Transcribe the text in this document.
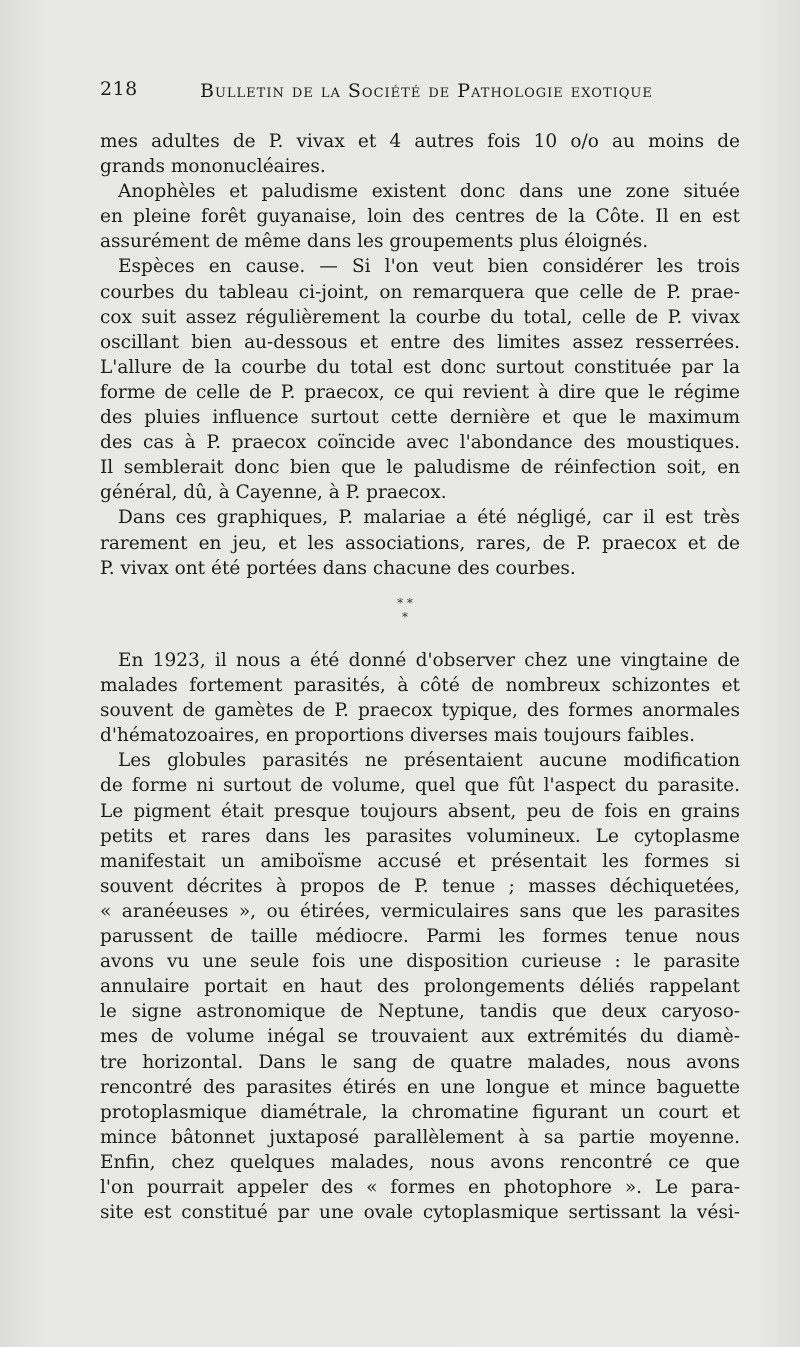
218	Bulletin de la Société de Pathologie exotique
mes adultes de P. vivax et 4 autres fois 10 o/o au moins de
grands mononucléaires.
Anophèles et paludisme existent donc dans une zone située
en pleine forêt guyanaise, loin des centres de la Côte. Il en est
assurément de même dans les groupements plus éloignés.
Espèces en cause. — Si l'on veut bien considérer les trois
courbes du tableau ci-joint, on remarquera que celle de P. prae-
cox suit assez régulièrement la courbe du total, celle de P. vivax
oscillant bien au-dessous et entre des limites assez resserrées.
L'allure de la courbe du total est donc surtout constituée par la
forme de celle de P. praecox, ce qui revient à dire que le régime
des pluies influence surtout cette dernière et que le maximum
des cas à P. praecox coïncide avec l'abondance des moustiques.
Il semblerait donc bien que le paludisme de réinfection soit, en
général, dû, à Cayenne, à P. praecox.
Dans ces graphiques, P. malariae a été négligé, car il est très
rarement en jeu, et les associations, rares, de P. praecox et de
P. vivax ont été portées dans chacune des courbes.
* *
*
En 1923, il nous a été donné d'observer chez une vingtaine de
malades fortement parasités, à côté de nombreux schizontes et
souvent de gamètes de P. praecox typique, des formes anormales
d'hématozoaires, en proportions diverses mais toujours faibles.
Les globules parasités ne présentaient aucune modification
de forme ni surtout de volume, quel que fût l'aspect du parasite.
Le pigment était presque toujours absent, peu de fois en grains
petits et rares dans les parasites volumineux. Le cytoplasme
manifestait un amiboïsme accusé et présentait les formes si
souvent décrites à propos de P. tenue ; masses déchiquetées,
« aranéeuses », ou étirées, vermiculaires sans que les parasites
parussent de taille médiocre. Parmi les formes tenue nous
avons vu une seule fois une disposition curieuse : le parasite
annulaire portait en haut des prolongements déliés rappelant
le signe astronomique de Neptune, tandis que deux caryoso-
mes de volume inégal se trouvaient aux extrémités du diamè-
tre horizontal. Dans le sang de quatre malades, nous avons
rencontré des parasites étirés en une longue et mince baguette
protoplasmique diamétrale, la chromatine figurant un court et
mince bâtonnet juxtaposé parallèlement à sa partie moyenne.
Enfin, chez quelques malades, nous avons rencontré ce que
l'on pourrait appeler des « formes en photophore ». Le para-
site est constitué par une ovale cytoplasmique sertissant la vési-
